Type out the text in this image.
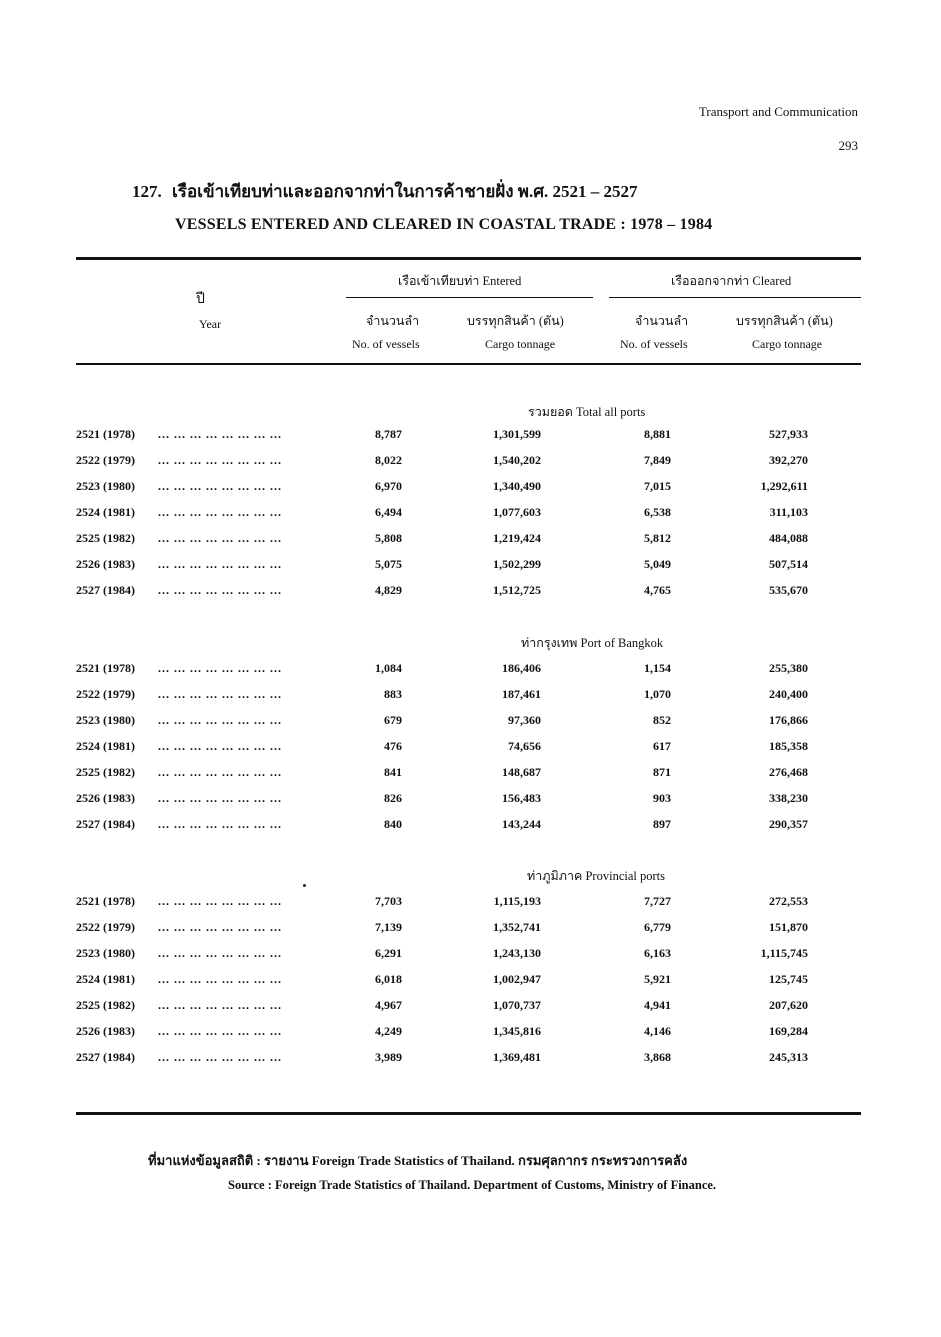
Transport and Communication
293
127. เรือเข้าเทียบท่าและออกจากท่าในการค้าชายฝั่ง พ.ศ. 2521 – 2527
VESSELS ENTERED AND CLEARED IN COASTAL TRADE : 1978 – 1984
ปี
Year
เรือเข้าเทียบท่า Entered	เรือออกจากท่า Cleared
จำนวนลำ
No. of vessels
บรรทุกสินค้า (ตัน)
Cargo tonnage
จำนวนลำ
No. of vessels
บรรทุกสินค้า (ตัน)
Cargo tonnage
รวมยอด Total all ports
2521 (1978) ... ... ... ... ... ... ... ...	8,787	1,301,599	8,881	527,933
2522 (1979) ... ... ... ... ... ... ... ...	8,022	1,540,202	7,849	392,270
2523 (1980) ... ... ... ... ... ... ... ...	6,970	1,340,490	7,015	1,292,611
2524 (1981) ... ... ... ... ... ... ... ...	6,494	1,077,603	6,538	311,103
2525 (1982) ... ... ... ... ... ... ... ...	5,808	1,219,424	5,812	484,088
2526 (1983) ... ... ... ... ... ... ... ...	5,075	1,502,299	5,049	507,514
2527 (1984) ... ... ... ... ... ... ... ...	4,829	1,512,725	4,765	535,670
ท่ากรุงเทพ Port of Bangkok
2521 (1978) ... ... ... ... ... ... ... ...	1,084	186,406	1,154	255,380
2522 (1979) ... ... ... ... ... ... ... ...	883	187,461	1,070	240,400
2523 (1980) ... ... ... ... ... ... ... ...	679	97,360	852	176,866
2524 (1981) ... ... ... ... ... ... ... ...	476	74,656	617	185,358
2525 (1982) ... ... ... ... ... ... ... ...	841	148,687	871	276,468
2526 (1983) ... ... ... ... ... ... ... ...	826	156,483	903	338,230
2527 (1984) ... ... ... ... ... ... ... ...	840	143,244	897	290,357
ท่าภูมิภาค Provincial ports
2521 (1978) ... ... ... ... ... ... ... ...	7,703	1,115,193	7,727	272,553
2522 (1979) ... ... ... ... ... ... ... ...	7,139	1,352,741	6,779	151,870
2523 (1980) ... ... ... ... ... ... ... ...	6,291	1,243,130	6,163	1,115,745
2524 (1981) ... ... ... ... ... ... ... ...	6,018	1,002,947	5,921	125,745
2525 (1982) ... ... ... ... ... ... ... ...	4,967	1,070,737	4,941	207,620
2526 (1983) ... ... ... ... ... ... ... ...	4,249	1,345,816	4,146	169,284
2527 (1984) ... ... ... ... ... ... ... ...	3,989	1,369,481	3,868	245,313
ที่มาแห่งข้อมูลสถิติ : รายงาน Foreign Trade Statistics of Thailand. กรมศุลกากร กระทรวงการคลัง
Source : Foreign Trade Statistics of Thailand. Department of Customs, Ministry of Finance.
